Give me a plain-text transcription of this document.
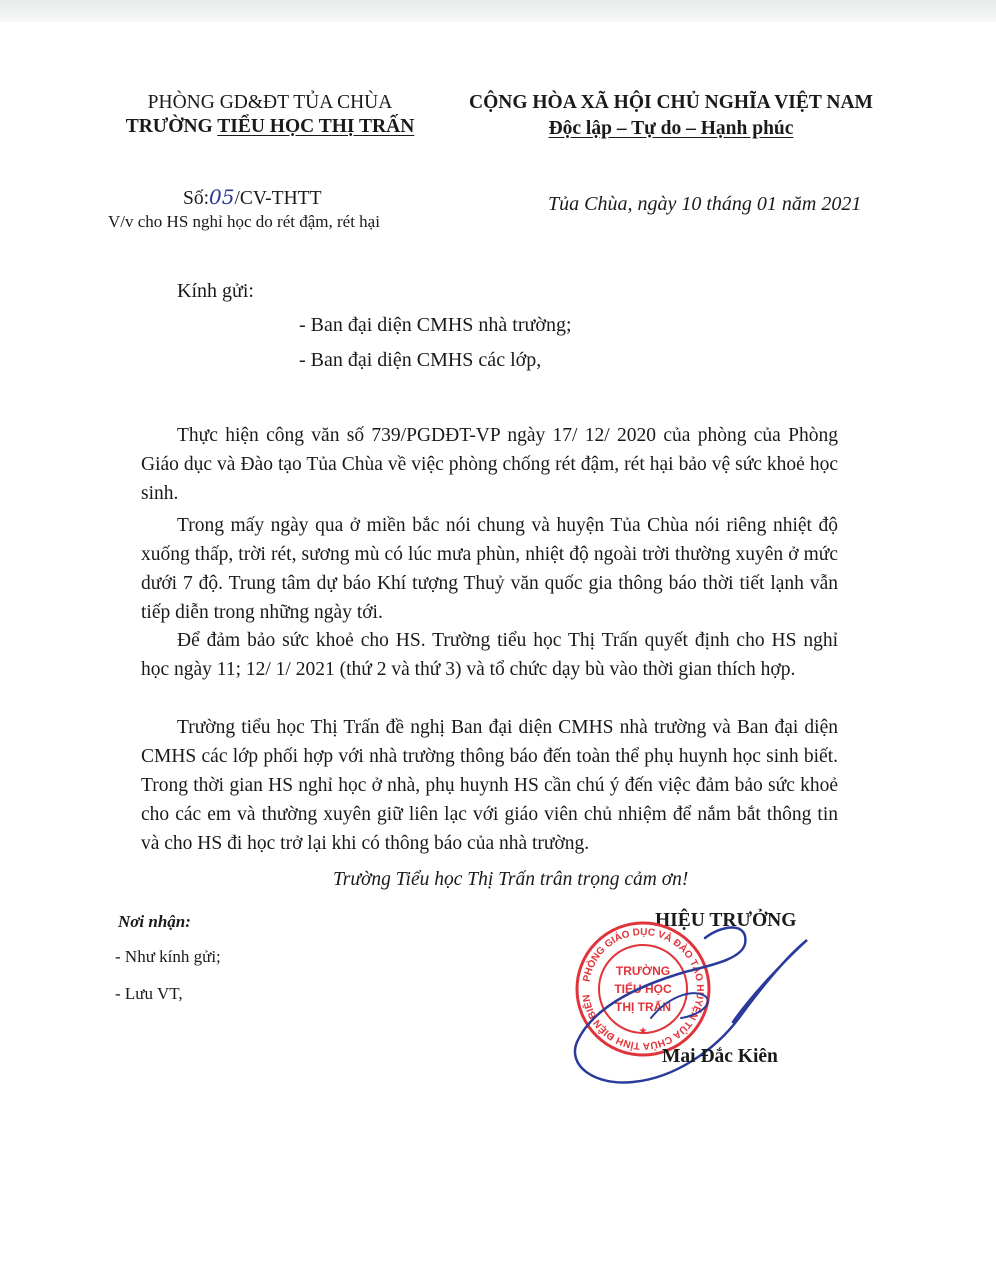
PHÒNG GD&ĐT TỦA CHÙA
TRƯỜNG TIỂU HỌC THỊ TRẤN
CỘNG HÒA XÃ HỘI CHỦ NGHĨA VIỆT NAM
Độc lập – Tự do – Hạnh phúc
Số:05/CV-THTT
V/v cho HS nghỉ học do rét đậm, rét hại
Tủa Chùa, ngày 10 tháng 01 năm 2021
Kính gửi:
- Ban đại diện CMHS nhà trường;
- Ban đại diện CMHS các lớp,
Thực hiện công văn số 739/PGDĐT-VP ngày 17/ 12/ 2020 của phòng của Phòng Giáo dục và Đào tạo Tủa Chùa về việc phòng chống rét đậm, rét hại bảo vệ sức khoẻ học sinh.
Trong mấy ngày qua ở miền bắc nói chung và huyện Tủa Chùa nói riêng nhiệt độ xuống thấp, trời rét, sương mù có lúc mưa phùn, nhiệt độ ngoài trời thường xuyên ở mức dưới 7 độ. Trung tâm dự báo Khí tượng Thuỷ văn quốc gia thông báo thời tiết lạnh vẫn tiếp diễn trong những ngày tới.
Để đảm bảo sức khoẻ cho HS. Trường tiểu học Thị Trấn quyết định cho HS nghỉ học ngày 11; 12/ 1/ 2021 (thứ 2 và thứ 3) và tổ chức dạy bù vào thời gian thích hợp.
Trường tiểu học Thị Trấn đề nghị Ban đại diện CMHS nhà trường và Ban đại diện CMHS các lớp phối hợp với nhà trường thông báo đến toàn thể phụ huynh học sinh biết. Trong thời gian HS nghỉ học ở nhà, phụ huynh HS cần chú ý đến việc đảm bảo sức khoẻ cho các em và thường xuyên giữ liên lạc với giáo viên chủ nhiệm để nắm bắt thông tin và cho HS đi học trở lại khi có thông báo của nhà trường.
Trường Tiểu học Thị Trấn trân trọng cảm ơn!
Nơi nhận:
- Như kính gửi;
- Lưu VT,
HIỆU TRƯỞNG
PHÒNG GIÁO DỤC VÀ ĐÀO TẠO HUYỆN TỦA CHÙA TỈNH ĐIỆN BIÊN
TRƯỜNG
TIỂU HỌC
THỊ TRẤN
★
Mai Đắc Kiên
